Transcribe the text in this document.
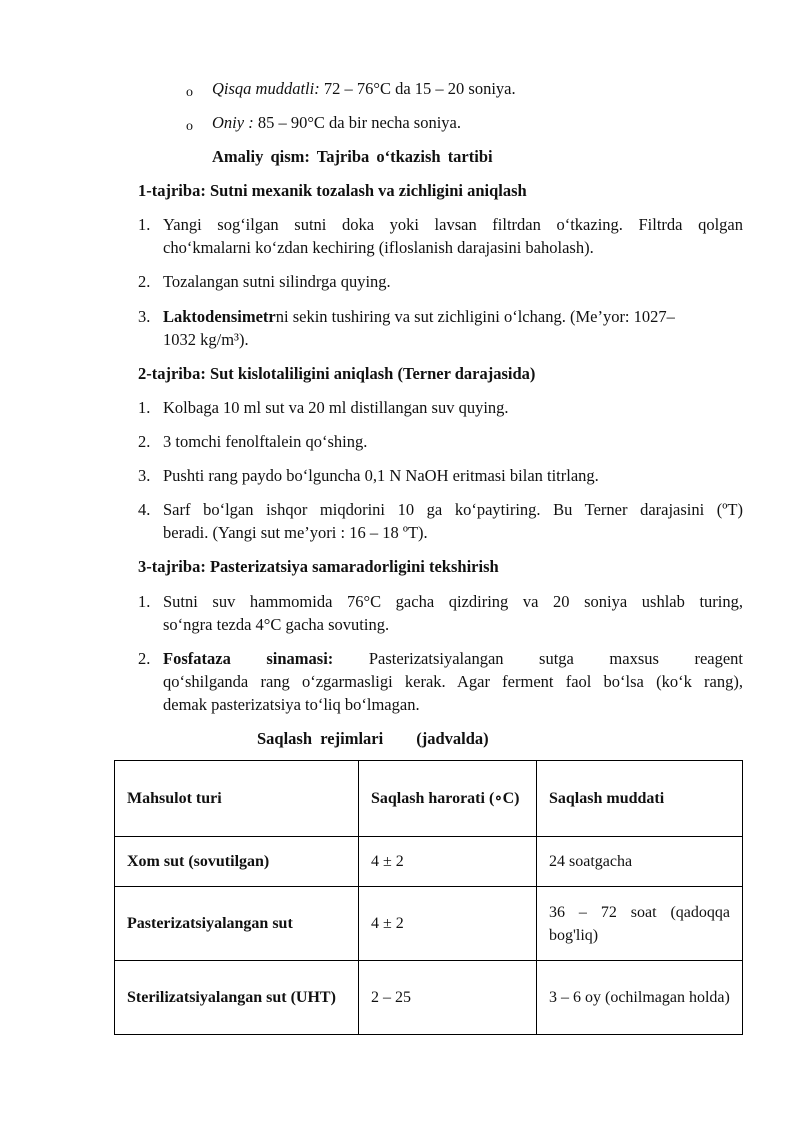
o Qisqa muddatli: 72 – 76°C da 15 – 20 soniya.
o Oniy : 85 – 90°C da bir necha soniya.
Amaliy qism: Tajriba o‘tkazish tartibi
1-tajriba: Sutni mexanik tozalash va zichligini aniqlash
1. Yangi sog‘ilgan sutni doka yoki lavsan filtrdan o‘tkazing. Filtrda qolgan
cho‘kmalarni ko‘zdan kechiring (ifloslanish darajasini baholash).
2. Tozalangan sutni silindrga quying.
3. Laktodensimetrni sekin tushiring va sut zichligini o‘lchang. (Me’yor: 1027–
1032 kg/m³).
2-tajriba: Sut kislotaliligini aniqlash (Terner darajasida)
1. Kolbaga 10 ml sut va 20 ml distillangan suv quying.
2. 3 tomchi fenolftalein qo‘shing.
3. Pushti rang paydo bo‘lguncha 0,1 N NaOH eritmasi bilan titrlang.
4. Sarf bo‘lgan ishqor miqdorini 10 ga ko‘paytiring. Bu Terner darajasini (ºT)
beradi. (Yangi sut me’yori : 16 – 18 ºT).
3-tajriba: Pasterizatsiya samaradorligini tekshirish
1. Sutni suv hammomida 76°C gacha qizdiring va 20 soniya ushlab turing,
so‘ngra tezda 4°C gacha sovuting.
2. Fosfataza sinamasi: Pasterizatsiyalangan sutga maxsus reagent
qo‘shilganda rang o‘zgarmasligi kerak. Agar ferment faol bo‘lsa (ko‘k rang),
demak pasterizatsiya to‘liq bo‘lmagan.
Saqlash  rejimlari        (jadvalda)
Mahsulot turi	Saqlash harorati (∘C)	Saqlash muddati
Xom sut (sovutilgan)	4 ± 2	24 soatgacha
Pasterizatsiyalangan sut	4 ± 2	36 – 72 soat (qadoqqa bog'liq)
Sterilizatsiyalangan sut (UHT)	2 – 25	3 – 6 oy (ochilmagan holda)
